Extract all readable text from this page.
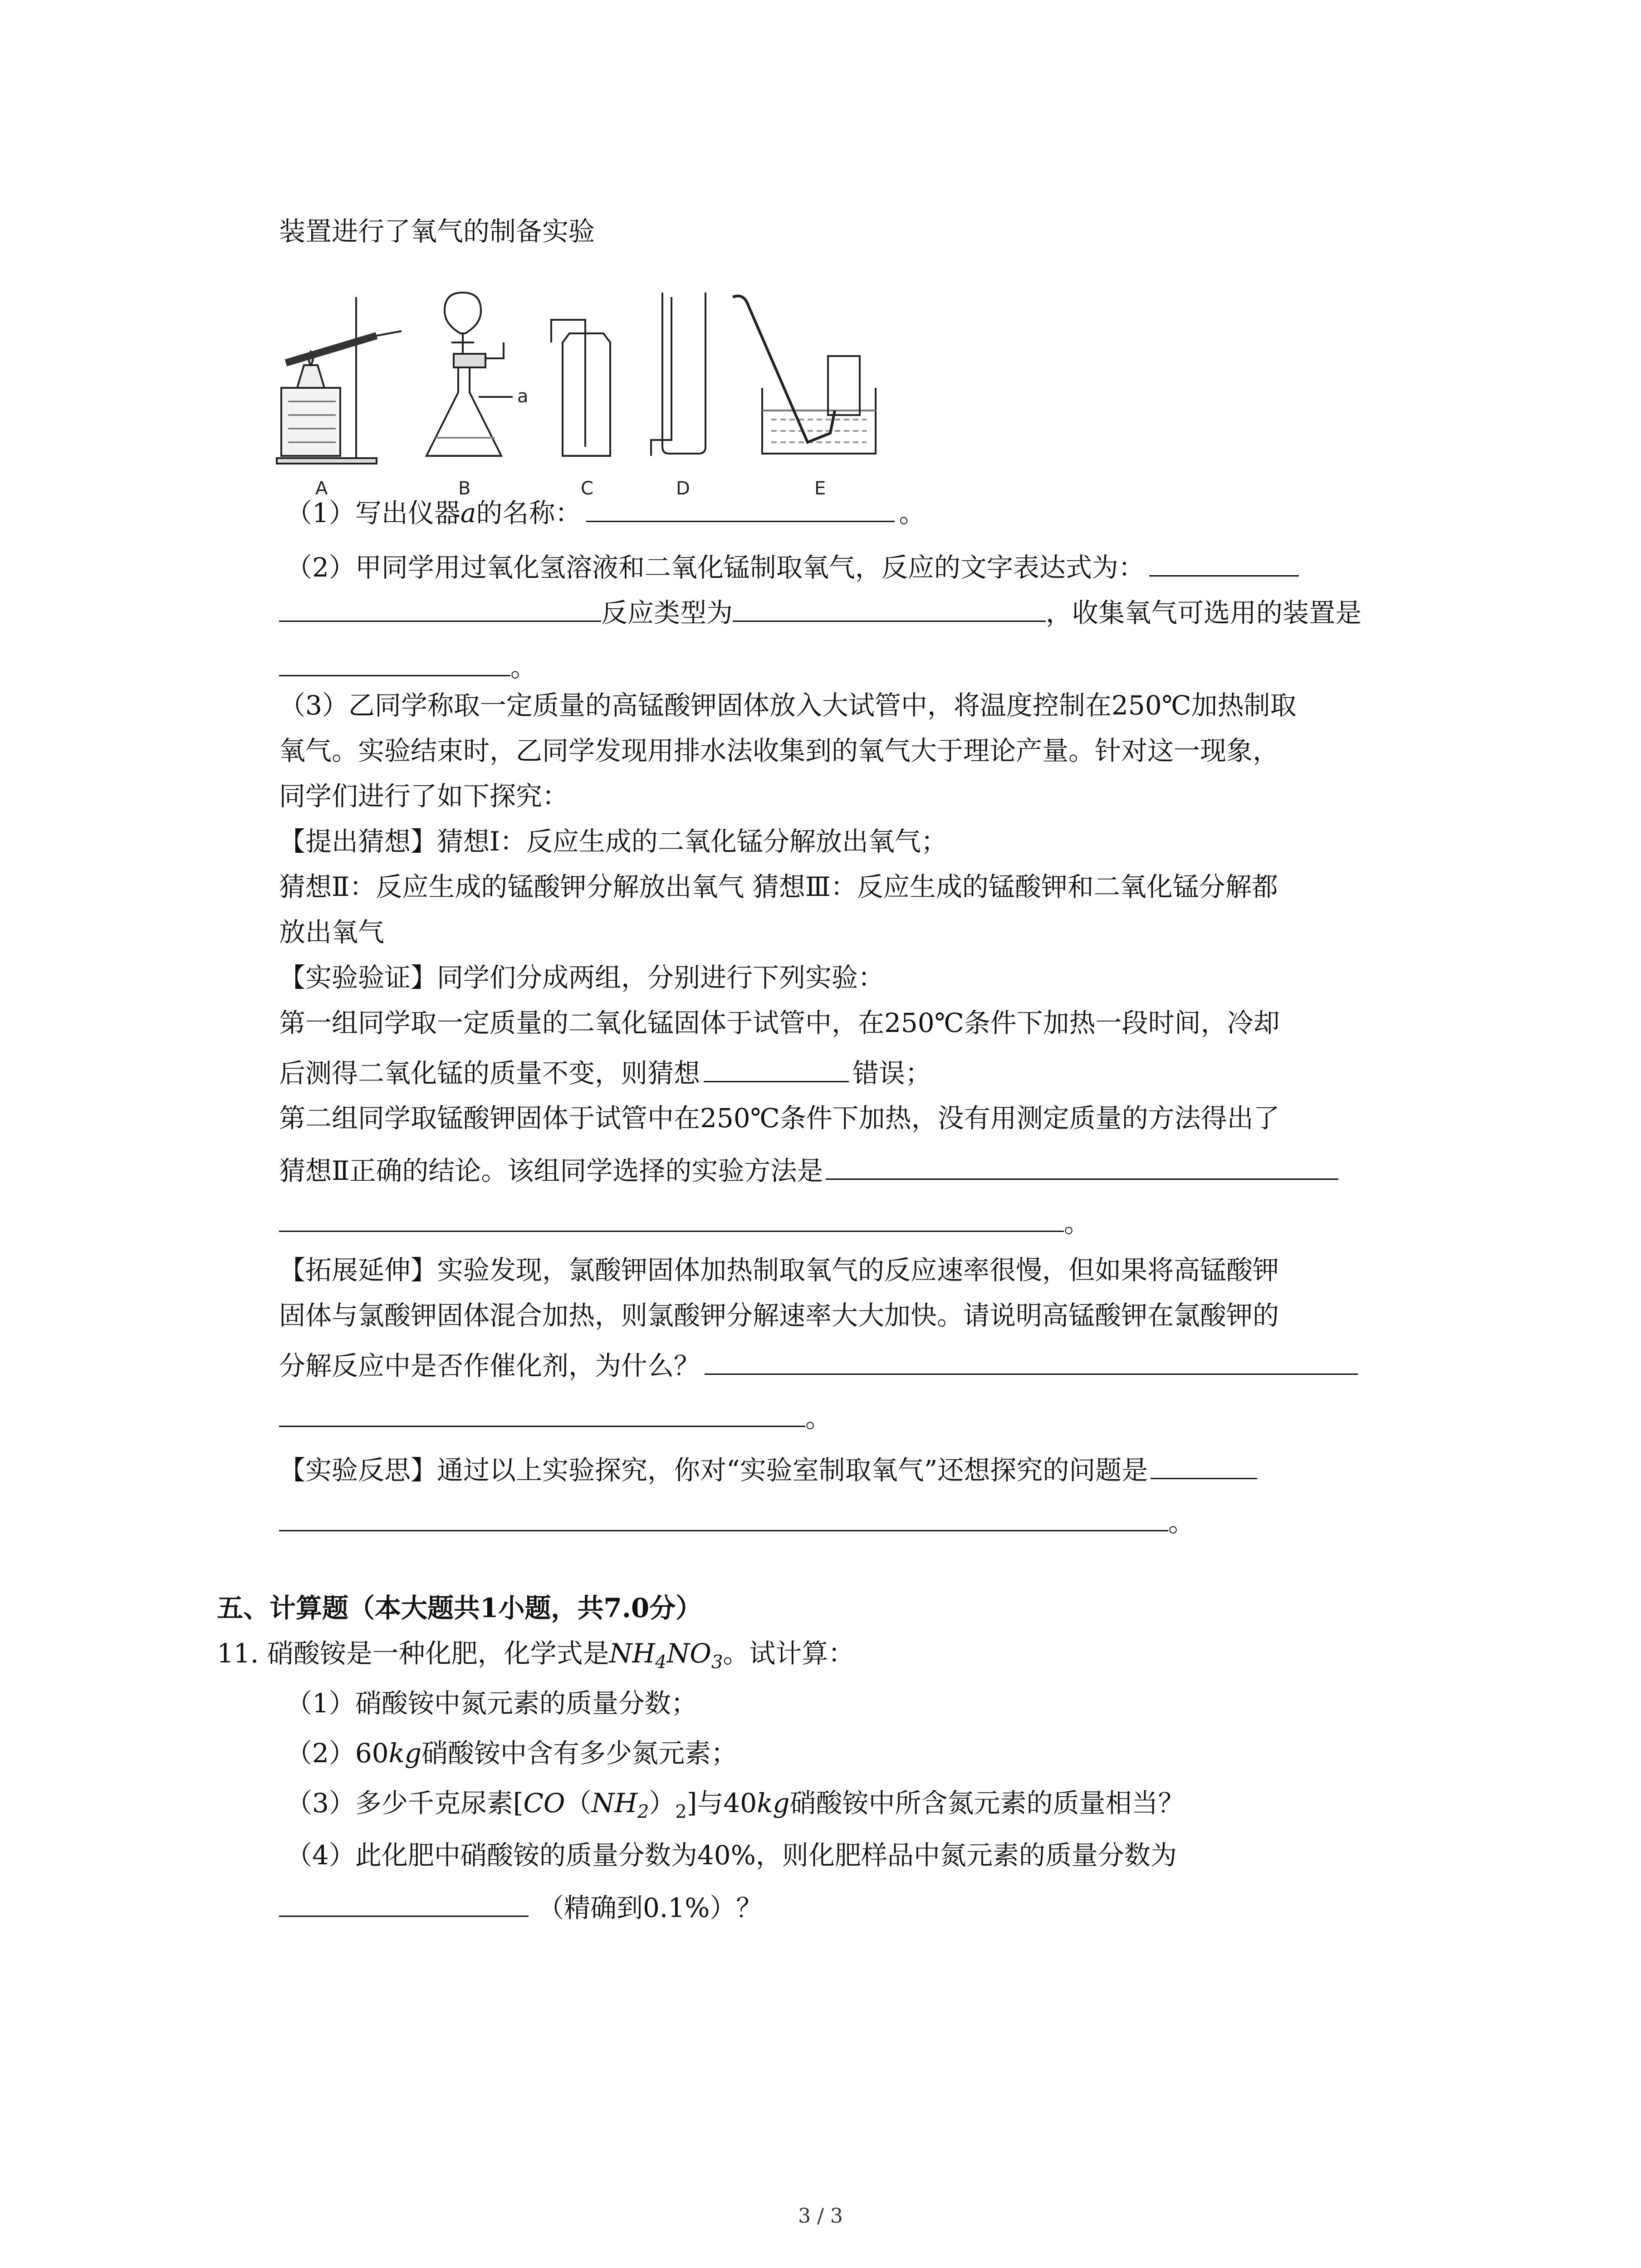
装置进行了氧气的制备实验
a
A	B	C	D	E
（1）写出仪器a的名称：	。
（2）甲同学用过氧化氢溶液和二氧化锰制取氧气，反应的文字表达式为：
反应类型为	，收集氧气可选用的装置是
。
（3）乙同学称取一定质量的高锰酸钾固体放入大试管中，将温度控制在250℃加热制取
氧气。实验结束时，乙同学发现用排水法收集到的氧气大于理论产量。针对这一现象，
同学们进行了如下探究：
【提出猜想】猜想Ⅰ：反应生成的二氧化锰分解放出氧气；
猜想Ⅱ：反应生成的锰酸钾分解放出氧气 猜想Ⅲ：反应生成的锰酸钾和二氧化锰分解都
放出氧气
【实验验证】同学们分成两组，分别进行下列实验：
第一组同学取一定质量的二氧化锰固体于试管中，在250℃条件下加热一段时间，冷却
后测得二氧化锰的质量不变，则猜想	错误；
第二组同学取锰酸钾固体于试管中在250℃条件下加热，没有用测定质量的方法得出了
猜想Ⅱ正确的结论。该组同学选择的实验方法是
。
【拓展延伸】实验发现，氯酸钾固体加热制取氧气的反应速率很慢，但如果将高锰酸钾
固体与氯酸钾固体混合加热，则氯酸钾分解速率大大加快。请说明高锰酸钾在氯酸钾的
分解反应中是否作催化剂，为什么？
。
【实验反思】通过以上实验探究，你对“实验室制取氧气”还想探究的问题是
。
五、计算题（本大题共1小题，共7.0分）
11. 硝酸铵是一种化肥，化学式是$NH_4NO_3$。试计算：
（1）硝酸铵中氮元素的质量分数；
（2）60kg硝酸铵中含有多少氮元素；
（3）多少千克尿素$[CO(NH_2)_2]$与40kg硝酸铵中所含氮元素的质量相当？
（4）此化肥中硝酸铵的质量分数为40%，则化肥样品中氮元素的质量分数为
（精确到0.1%）？
3 / 3
